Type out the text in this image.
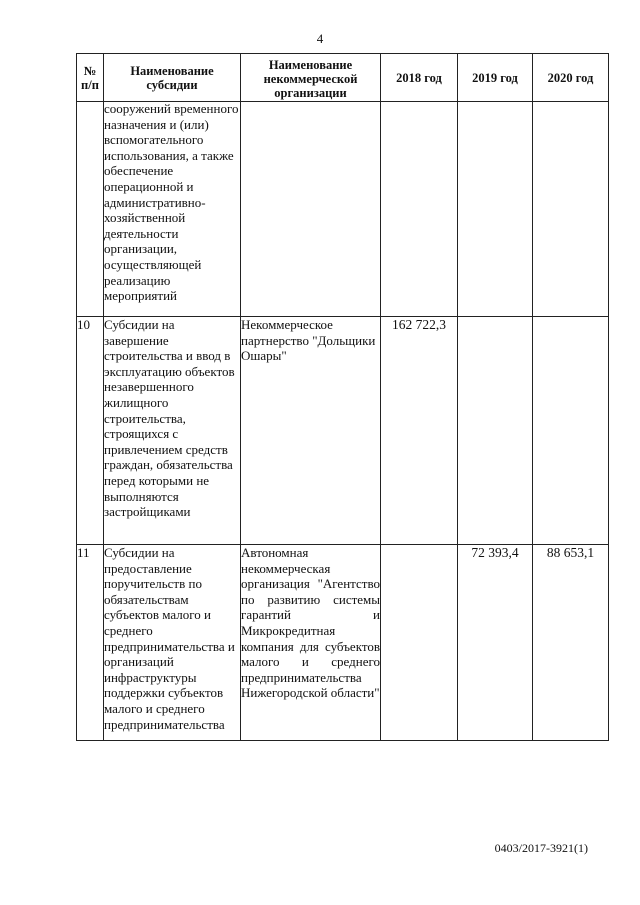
4
№ п/п	Наименование субсидии	Наименование некоммерческой организации	2018 год	2019 год	2020 год

	сооружений временного назначения и (или) вспомогательного использования, а также обеспечение операционной и административно-хозяйственной деятельности организации, осуществляющей реализацию мероприятий				

10	Субсидии на завершение строительства и ввод в эксплуатацию объектов незавершенного жилищного строительства, строящихся с привлечением средств граждан, обязательства перед которыми не выполняются застройщиками	Некоммерческое партнерство "Дольщики Ошары"	162 722,3		
11	Субсидии на предоставление поручительств по обязательствам субъектов малого и среднего предпринимательства и организаций инфраструктуры поддержки субъектов малого и среднего предпринимательства	Автономная некоммерческая организация "Агентство по развитию системы гарантий и Микрокредитная компания для субъектов малого и среднего предпринимательства Нижегородской области"		72 393,4	88 653,1
0403/2017-3921(1)
